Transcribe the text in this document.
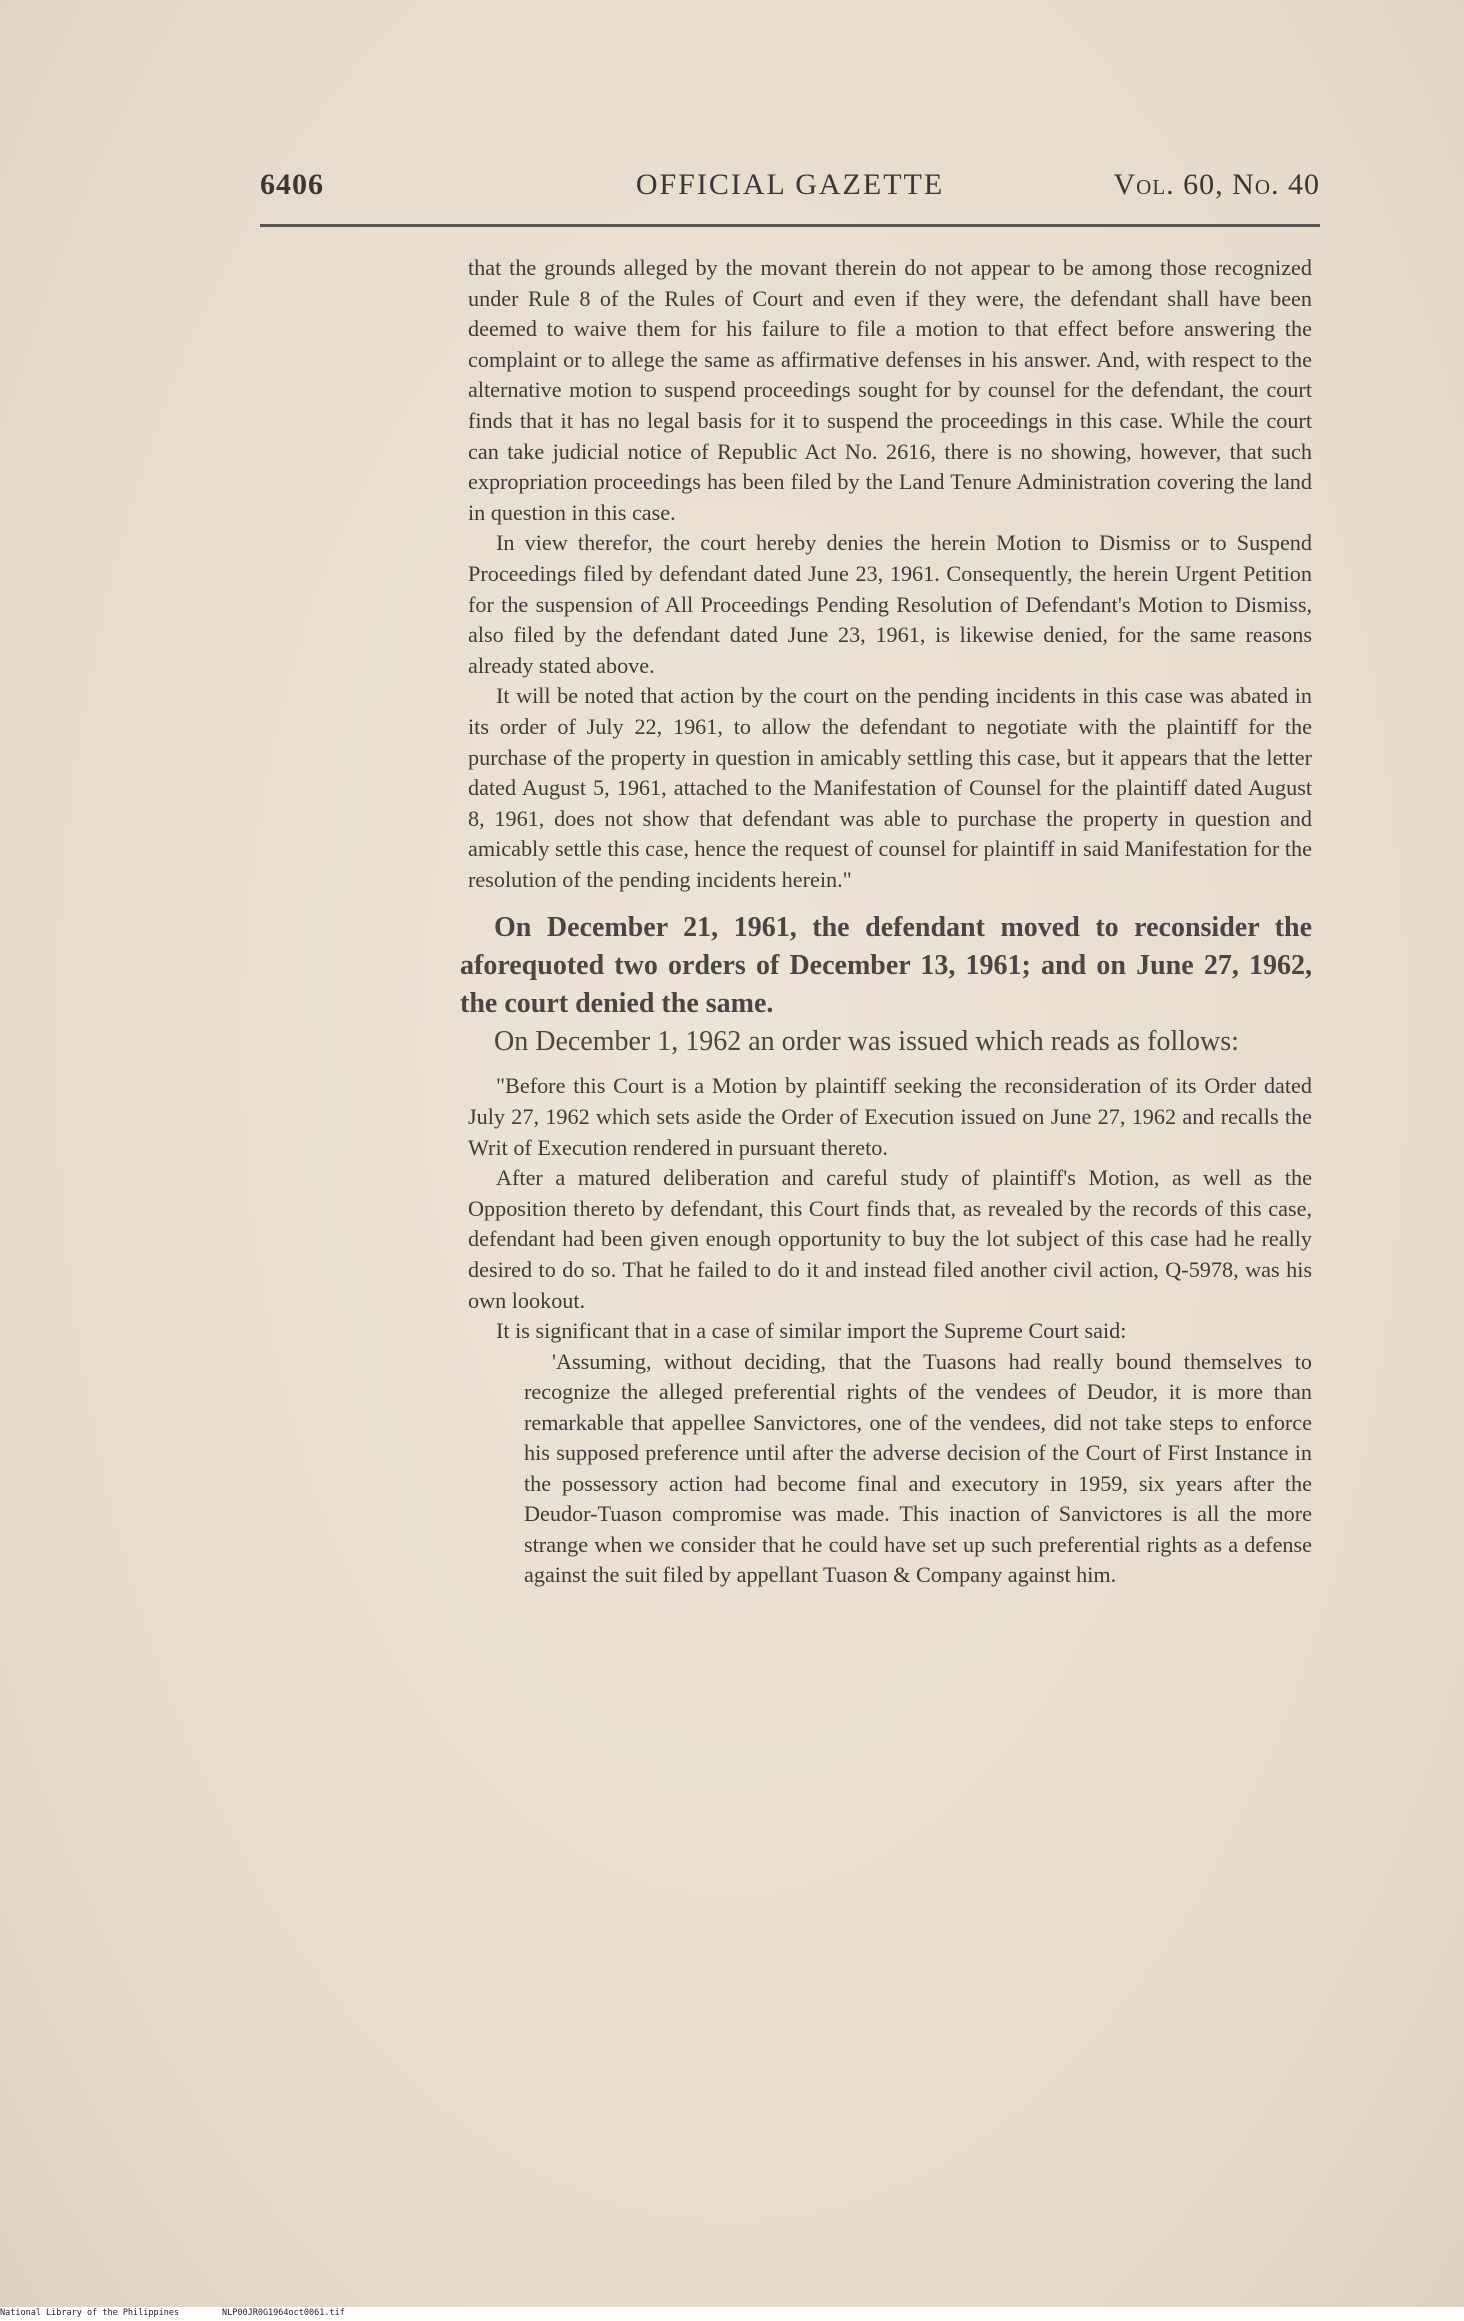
6406	OFFICIAL GAZETTE	Vol. 60, No. 40

that the grounds alleged by the movant therein do not appear to be among those recognized under Rule 8 of the Rules of Court and even if they were, the defendant shall have been deemed to waive them for his failure to file a motion to that effect before answering the complaint or to allege the same as affirmative defenses in his answer. And, with respect to the alternative motion to suspend proceedings sought for by counsel for the defendant, the court finds that it has no legal basis for it to suspend the proceedings in this case. While the court can take judicial notice of Republic Act No. 2616, there is no showing, however, that such expropriation proceedings has been filed by the Land Tenure Administration covering the land in question in this case.

In view therefor, the court hereby denies the herein Motion to Dismiss or to Suspend Proceedings filed by defendant dated June 23, 1961. Consequently, the herein Urgent Petition for the suspension of All Proceedings Pending Resolution of Defendant's Motion to Dismiss, also filed by the defendant dated June 23, 1961, is likewise denied, for the same reasons already stated above.

It will be noted that action by the court on the pending incidents in this case was abated in its order of July 22, 1961, to allow the defendant to negotiate with the plaintiff for the purchase of the property in question in amicably settling this case, but it appears that the letter dated August 5, 1961, attached to the Manifestation of Counsel for the plaintiff dated August 8, 1961, does not show that defendant was able to purchase the property in question and amicably settle this case, hence the request of counsel for plaintiff in said Manifestation for the resolution of the pending incidents herein."

On December 21, 1961, the defendant moved to reconsider the aforequoted two orders of December 13, 1961; and on June 27, 1962, the court denied the same.

On December 1, 1962 an order was issued which reads as follows:

"Before this Court is a Motion by plaintiff seeking the reconsideration of its Order dated July 27, 1962 which sets aside the Order of Execution issued on June 27, 1962 and recalls the Writ of Execution rendered in pursuant thereto.

After a matured deliberation and careful study of plaintiff's Motion, as well as the Opposition thereto by defendant, this Court finds that, as revealed by the records of this case, defendant had been given enough opportunity to buy the lot subject of this case had he really desired to do so. That he failed to do it and instead filed another civil action, Q-5978, was his own lookout.

It is significant that in a case of similar import the Supreme Court said:

'Assuming, without deciding, that the Tuasons had really bound themselves to recognize the alleged preferential rights of the vendees of Deudor, it is more than remarkable that appellee Sanvictores, one of the vendees, did not take steps to enforce his supposed preference until after the adverse decision of the Court of First Instance in the possessory action had become final and executory in 1959, six years after the Deudor-Tuason compromise was made. This inaction of Sanvictores is all the more strange when we consider that he could have set up such preferential rights as a defense against the suit filed by appellant Tuason & Company against him.

National Library of the Philippines	NLP00JR0G1964oct0061.tif
